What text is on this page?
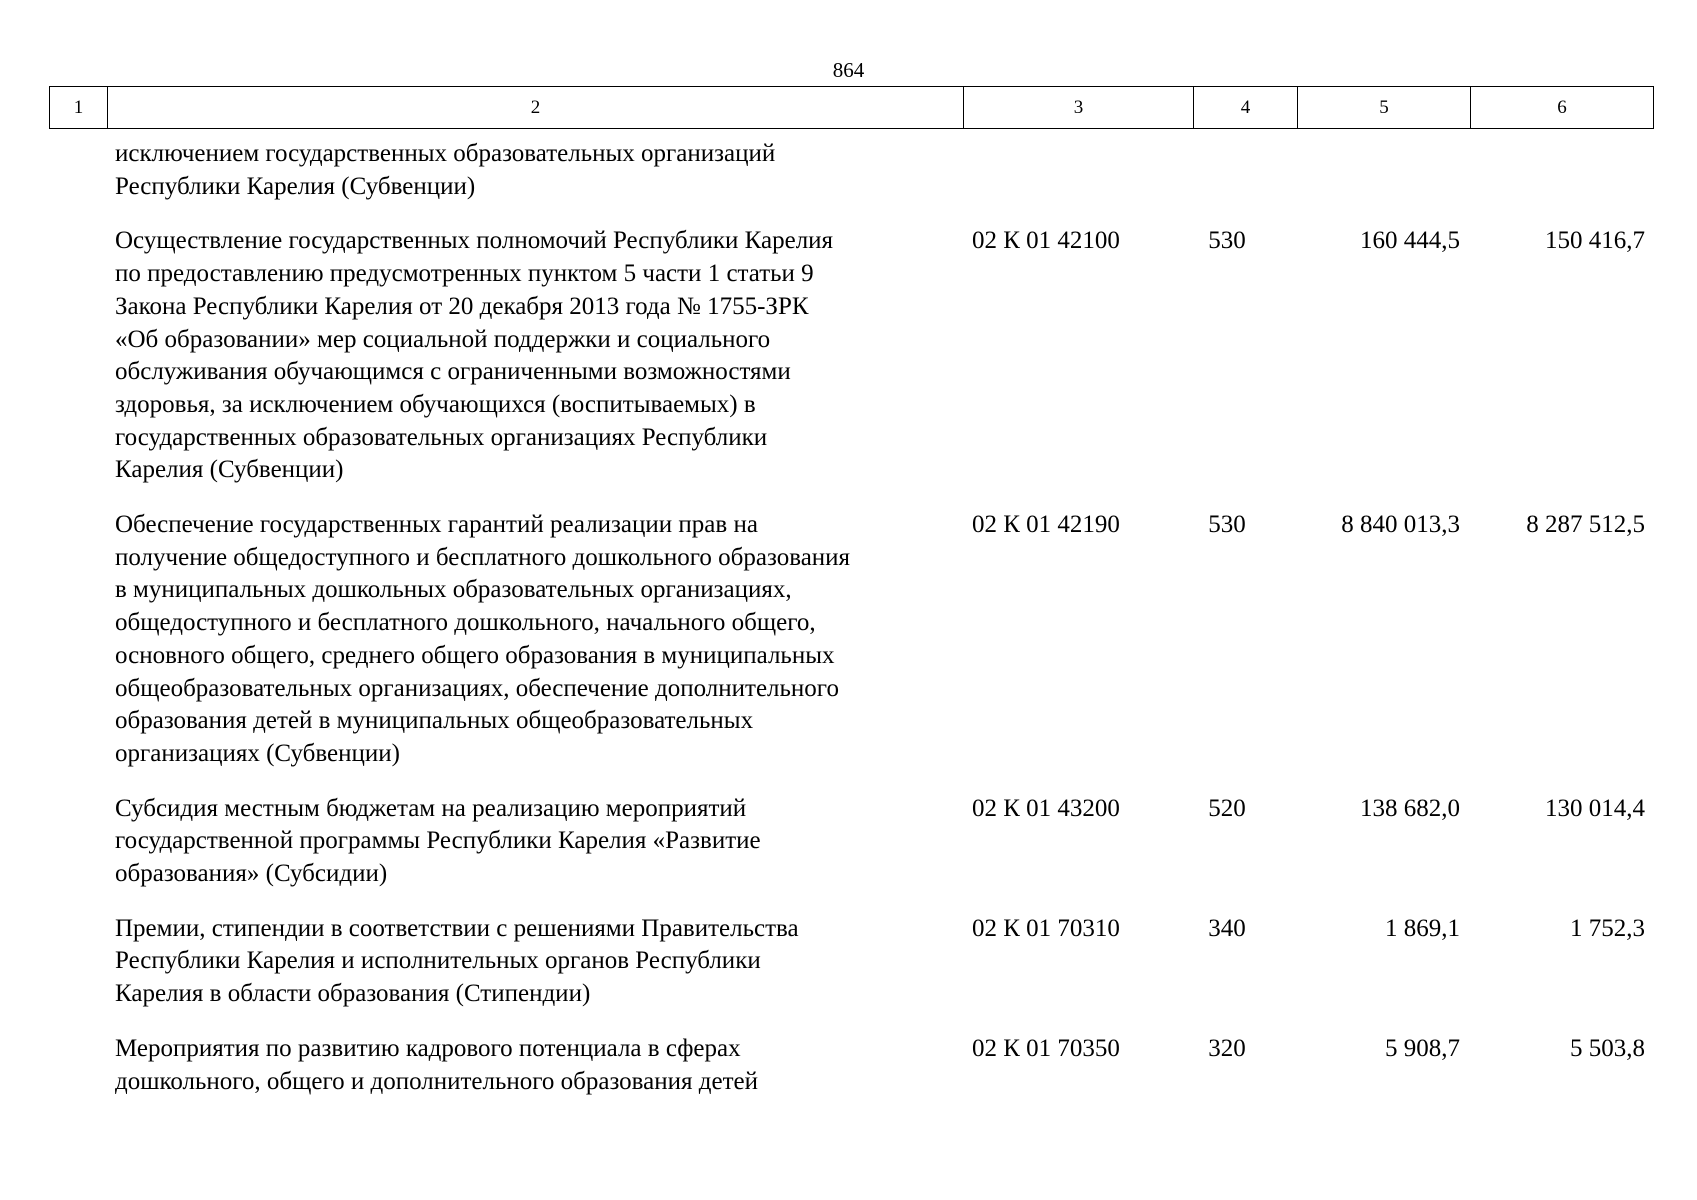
864
1	2	3	4	5	6
исключением государственных образовательных организаций
Республики Карелия (Субвенции)
Осуществление государственных полномочий Республики Карелия
по предоставлению предусмотренных пунктом 5 части 1 статьи 9
Закона Республики Карелия от 20 декабря 2013 года № 1755-ЗРК
«Об образовании» мер социальной поддержки и социального
обслуживания обучающимся с ограниченными возможностями
здоровья, за исключением обучающихся (воспитываемых) в
государственных образовательных организациях Республики
Карелия (Субвенции)
02 К 01 42100	530	160 444,5	150 416,7
Обеспечение государственных гарантий реализации прав на
получение общедоступного и бесплатного дошкольного образования
в муниципальных дошкольных образовательных организациях,
общедоступного и бесплатного дошкольного, начального общего,
основного общего, среднего общего образования в муниципальных
общеобразовательных организациях, обеспечение дополнительного
образования детей в муниципальных общеобразовательных
организациях (Субвенции)
02 К 01 42190	530	8 840 013,3	8 287 512,5
Субсидия местным бюджетам на реализацию мероприятий
государственной программы Республики Карелия «Развитие
образования» (Субсидии)
02 К 01 43200	520	138 682,0	130 014,4
Премии, стипендии в соответствии с решениями Правительства
Республики Карелия и исполнительных органов Республики
Карелия в области образования (Стипендии)
02 К 01 70310	340	1 869,1	1 752,3
Мероприятия по развитию кадрового потенциала в сферах
дошкольного, общего и дополнительного образования детей
02 К 01 70350	320	5 908,7	5 503,8
